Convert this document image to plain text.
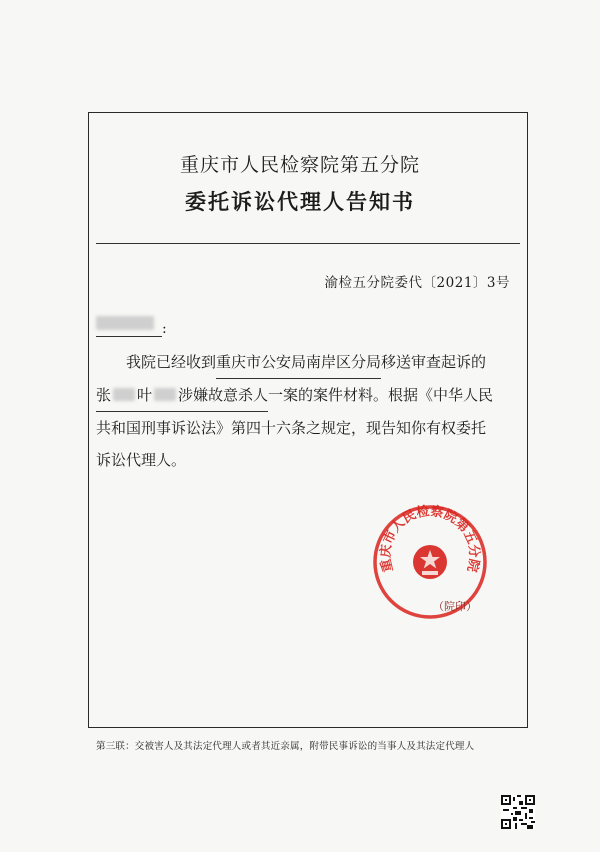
重庆市人民检察院第五分院
委托诉讼代理人告知书
渝检五分院委代〔2021〕3号
:
我院已经收到重庆市公安局南岸区分局移送审查起诉的
张 叶 涉嫌故意杀人一案的案件材料。根据《中华人民
共和国刑事诉讼法》第四十六条之规定，现告知你有权委托
诉讼代理人。
重庆市人民检察院第五分院
（院印）
第三联：交被害人及其法定代理人或者其近亲属，附带民事诉讼的当事人及其法定代理人
